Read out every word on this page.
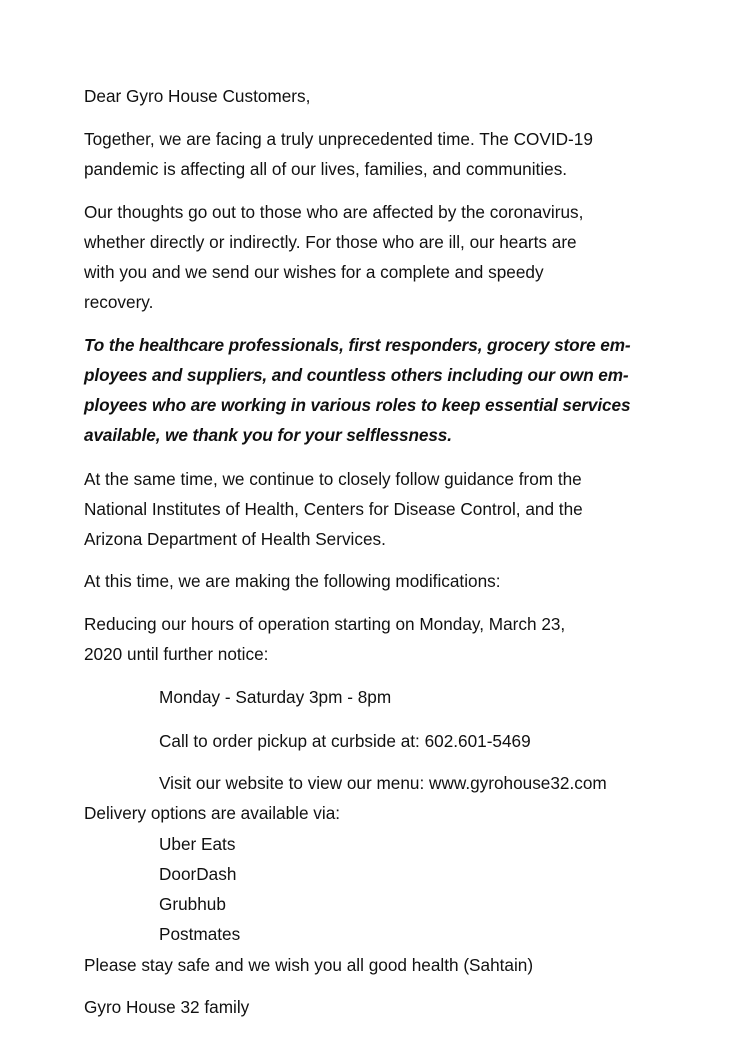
Dear Gyro House Customers,
Together, we are facing a truly unprecedented time. The COVID-19
pandemic is affecting all of our lives, families, and communities.
Our thoughts go out to those who are affected by the coronavirus,
whether directly or indirectly. For those who are ill, our hearts are
with you and we send our wishes for a complete and speedy
recovery.
To the healthcare professionals, first responders, grocery store em-
ployees and suppliers, and countless others including our own em-
ployees who are working in various roles to keep essential services
available, we thank you for your selflessness.
At the same time, we continue to closely follow guidance from the
National Institutes of Health, Centers for Disease Control, and the
Arizona Department of Health Services.
At this time, we are making the following modifications:
Reducing our hours of operation starting on Monday, March 23,
2020 until further notice:
Monday - Saturday 3pm - 8pm
Call to order pickup at curbside at: 602.601-5469
Visit our website to view our menu: www.gyrohouse32.com
Delivery options are available via:
Uber Eats
DoorDash
Grubhub
Postmates
Please stay safe and we wish you all good health (Sahtain)
Gyro House 32 family
